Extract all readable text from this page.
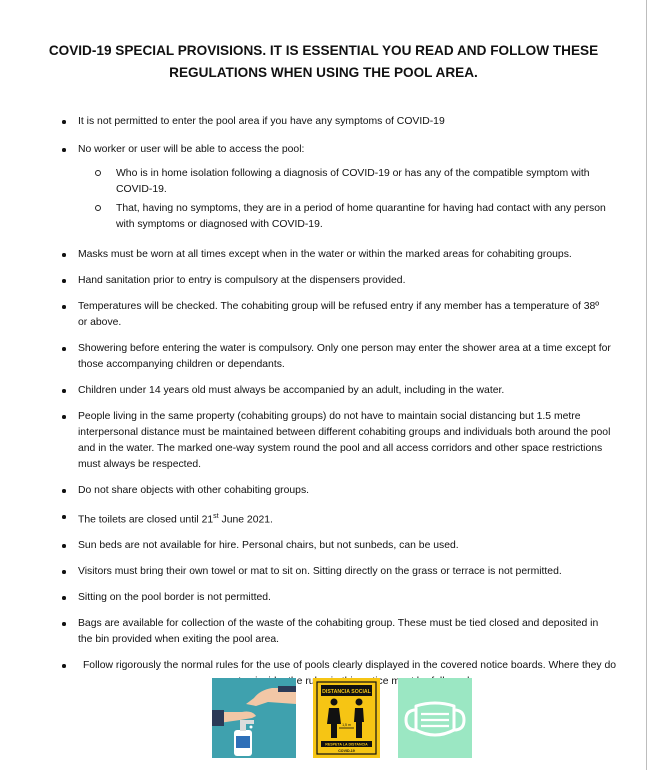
COVID-19 SPECIAL PROVISIONS. IT IS ESSENTIAL YOU READ AND FOLLOW THESE REGULATIONS WHEN USING THE POOL AREA.
It is not permitted to enter the pool area if you have any symptoms of COVID-19
No worker or user will be able to access the pool:
Who is in home isolation following a diagnosis of COVID-19 or has any of the compatible symptom with COVID-19.
That, having no symptoms, they are in a period of home quarantine for having had contact with any person with symptoms or diagnosed with COVID-19.
Masks must be worn at all times except when in the water or within the marked areas for cohabiting groups.
Hand sanitation prior to entry is compulsory at the dispensers provided.
Temperatures will be checked. The cohabiting group will be refused entry if any member has a temperature of 38º or above.
Showering before entering the water is compulsory. Only one person may enter the shower area at a time except for those accompanying children or dependants.
Children under 14 years old must always be accompanied by an adult, including in the water.
People living in the same property (cohabiting groups) do not have to maintain social distancing but 1.5 metre interpersonal distance must be maintained between different cohabiting groups and individuals both around the pool and in the water. The marked one-way system round the pool and all access corridors and other space restrictions must always be respected.
Do not share objects with other cohabiting groups.
The toilets are closed until 21st June 2021.
Sun beds are not available for hire. Personal chairs, but not sunbeds, can be used.
Visitors must bring their own towel or mat to sit on. Sitting directly on the grass or terrace is not permitted.
Sitting on the pool border is not permitted.
Bags are available for collection of the waste of the cohabiting group. These must be tied closed and deposited in the bin provided when exiting the pool area.
Follow rigorously the normal rules for the use of pools clearly displayed in the covered notice boards. Where they do
DISTANCIA SOCIAL
1,5 m
RESPETA LA DISTANCIA
COVID-19
